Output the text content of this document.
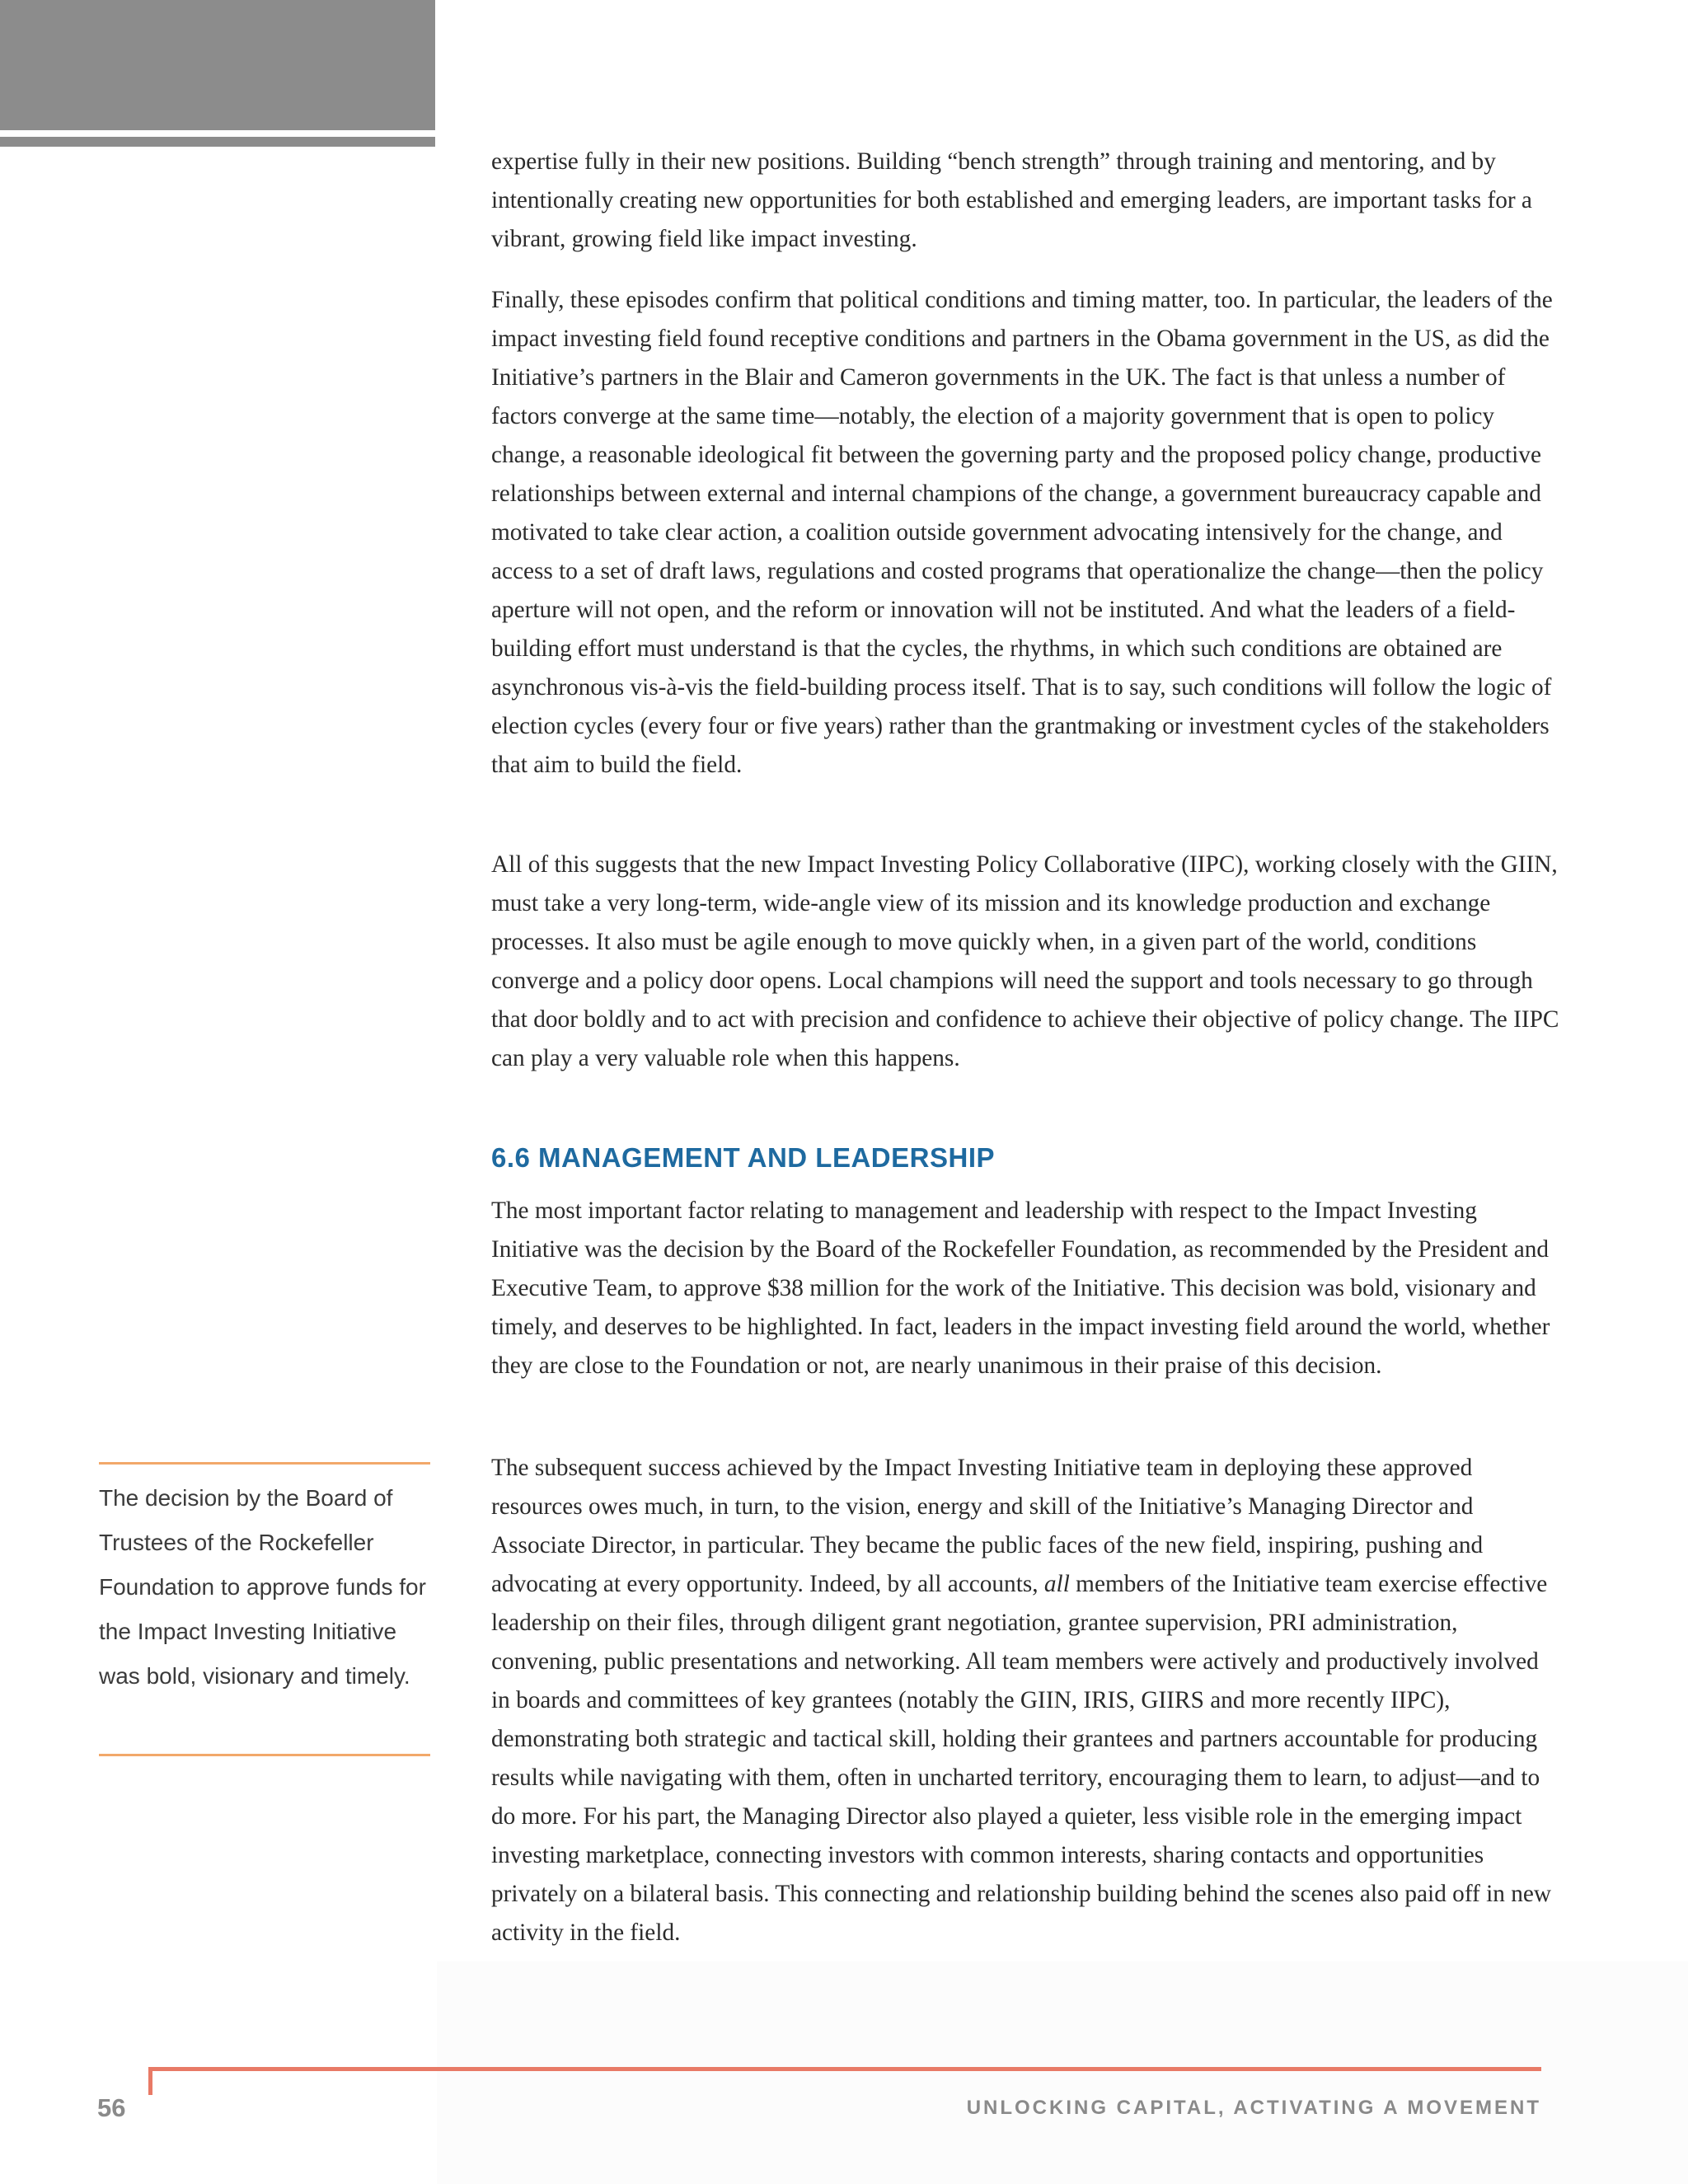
expertise fully in their new positions. Building “bench strength” through training and mentoring, and by intentionally creating new opportunities for both established and emerging leaders, are important tasks for a vibrant, growing field like impact investing.

Finally, these episodes confirm that political conditions and timing matter, too. In particular, the leaders of the impact investing field found receptive conditions and partners in the Obama government in the US, as did the Initiative’s partners in the Blair and Cameron governments in the UK. The fact is that unless a number of factors converge at the same time—notably, the election of a majority government that is open to policy change, a reasonable ideological fit between the governing party and the proposed policy change, productive relationships between external and internal champions of the change, a government bureaucracy capable and motivated to take clear action, a coalition outside government advocating intensively for the change, and access to a set of draft laws, regulations and costed programs that operationalize the change—then the policy aperture will not open, and the reform or innovation will not be instituted. And what the leaders of a field-building effort must understand is that the cycles, the rhythms, in which such conditions are obtained are asynchronous vis-à-vis the field-building process itself. That is to say, such conditions will follow the logic of election cycles (every four or five years) rather than the grantmaking or investment cycles of the stakeholders that aim to build the field.

All of this suggests that the new Impact Investing Policy Collaborative (IIPC), working closely with the GIIN, must take a very long-term, wide-angle view of its mission and its knowledge production and exchange processes. It also must be agile enough to move quickly when, in a given part of the world, conditions converge and a policy door opens. Local champions will need the support and tools necessary to go through that door boldly and to act with precision and confidence to achieve their objective of policy change. The IIPC can play a very valuable role when this happens.

6.6 MANAGEMENT AND LEADERSHIP

The most important factor relating to management and leadership with respect to the Impact Investing Initiative was the decision by the Board of the Rockefeller Foundation, as recommended by the President and Executive Team, to approve $38 million for the work of the Initiative. This decision was bold, visionary and timely, and deserves to be highlighted. In fact, leaders in the impact investing field around the world, whether they are close to the Foundation or not, are nearly unanimous in their praise of this decision.

The subsequent success achieved by the Impact Investing Initiative team in deploying these approved resources owes much, in turn, to the vision, energy and skill of the Initiative’s Managing Director and Associate Director, in particular. They became the public faces of the new field, inspiring, pushing and advocating at every opportunity. Indeed, by all accounts, all members of the Initiative team exercise effective leadership on their files, through diligent grant negotiation, grantee supervision, PRI administration, convening, public presentations and networking. All team members were actively and productively involved in boards and committees of key grantees (notably the GIIN, IRIS, GIIRS and more recently IIPC), demonstrating both strategic and tactical skill, holding their grantees and partners accountable for producing results while navigating with them, often in uncharted territory, encouraging them to learn, to adjust—and to do more. For his part, the Managing Director also played a quieter, less visible role in the emerging impact investing marketplace, connecting investors with common interests, sharing contacts and opportunities privately on a bilateral basis. This connecting and relationship building behind the scenes also paid off in new activity in the field.

The decision by the Board of Trustees of the Rockefeller Foundation to approve funds for the Impact Investing Initiative was bold, visionary and timely.

56	UNLOCKING CAPITAL, ACTIVATING A MOVEMENT
